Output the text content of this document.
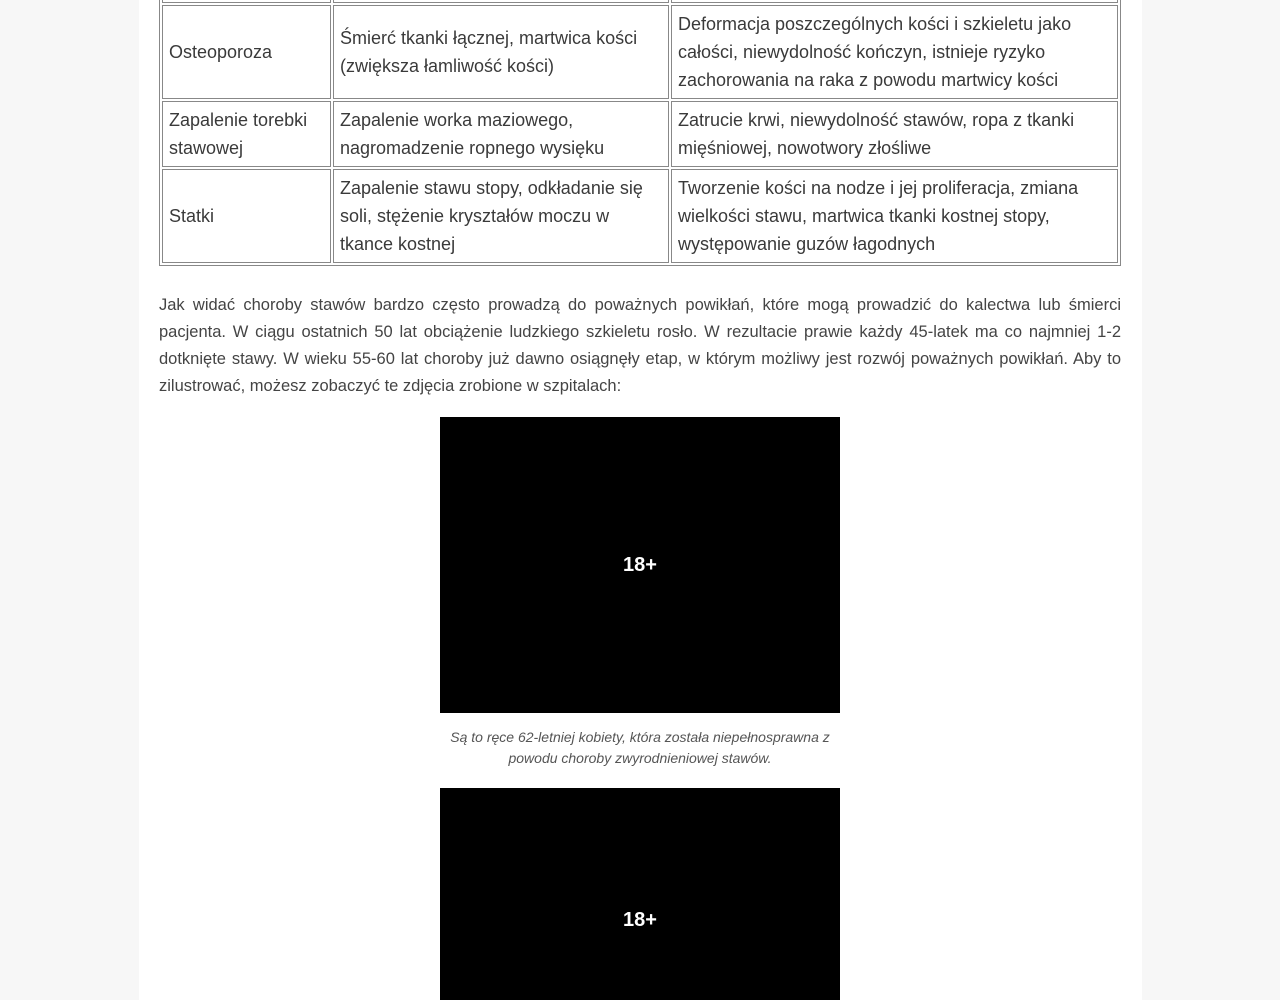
Osteoporoza	Śmierć tkanki łącznej, martwica kości (zwiększa łamliwość kości)	Deformacja poszczególnych kości i szkieletu jako całości, niewydolność kończyn, istnieje ryzyko zachorowania na raka z powodu martwicy kości
Zapalenie torebki stawowej	Zapalenie worka maziowego, nagromadzenie ropnego wysięku	Zatrucie krwi, niewydolność stawów, ropa z tkanki mięśniowej, nowotwory złośliwe
Statki	Zapalenie stawu stopy, odkładanie się soli, stężenie kryształów moczu w tkance kostnej	Tworzenie kości na nodze i jej proliferacja, zmiana wielkości stawu, martwica tkanki kostnej stopy, występowanie guzów łagodnych

Jak widać choroby stawów bardzo często prowadzą do poważnych powikłań, które mogą prowadzić do kalectwa lub śmierci pacjenta. W ciągu ostatnich 50 lat obciążenie ludzkiego szkieletu rosło. W rezultacie prawie każdy 45-latek ma co najmniej 1-2 dotknięte stawy. W wieku 55-60 lat choroby już dawno osiągnęły etap, w którym możliwy jest rozwój poważnych powikłań. Aby to zilustrować, możesz zobaczyć te zdjęcia zrobione w szpitalach:

18+
Są to ręce 62-letniej kobiety, która została niepełnosprawna z powodu choroby zwyrodnieniowej stawów.
18+
